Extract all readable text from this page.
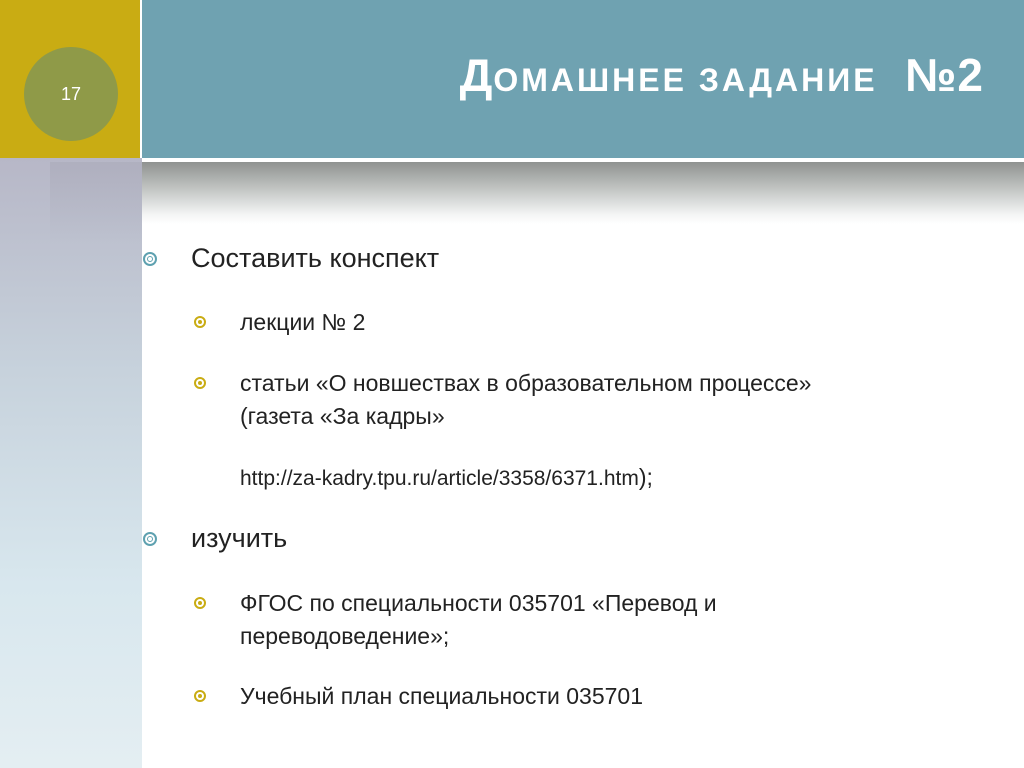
17	ДОМАШНЕЕ ЗАДАНИЕ №2
Составить конспект
лекции № 2
статьи «О новшествах в образовательном процессе»
(газета «За кадры»
http://za-kadry.tpu.ru/article/3358/6371.htm);
изучить
ФГОС по специальности 035701 «Перевод и
переводоведение»;
Учебный план специальности 035701
